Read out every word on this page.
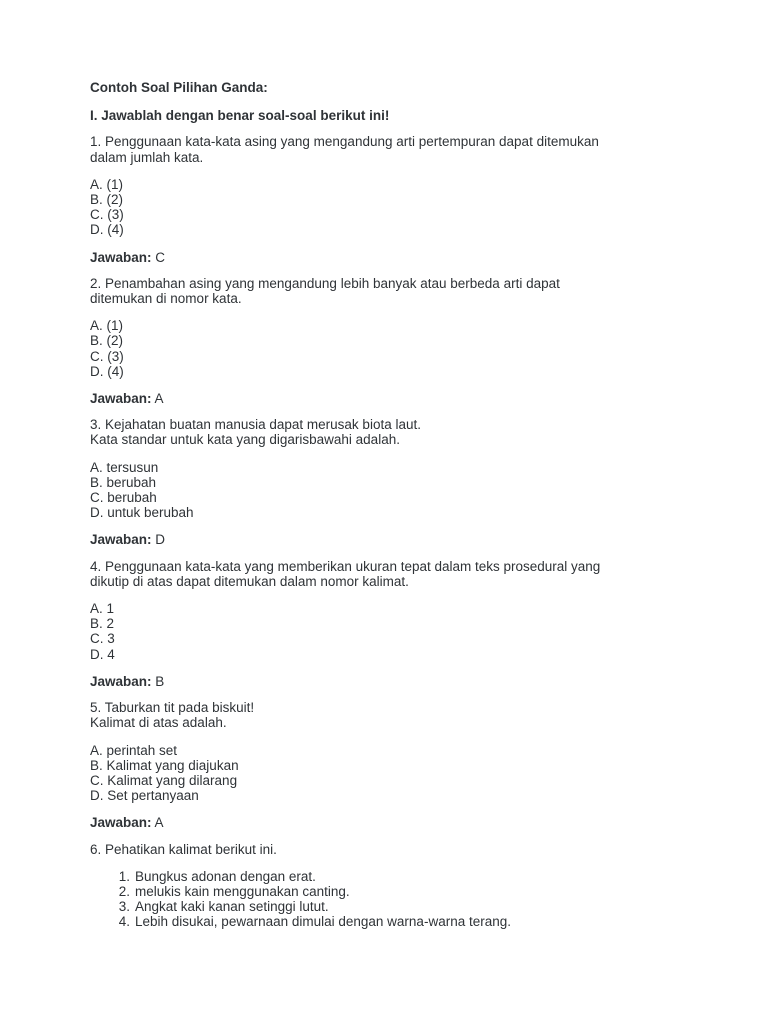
Contoh Soal Pilihan Ganda:

I. Jawablah dengan benar soal-soal berikut ini!

1. Penggunaan kata-kata asing yang mengandung arti pertempuran dapat ditemukan

dalam jumlah kata.

A. (1)
B. (2)
C. (3)
D. (4)
Jawaban: C

2. Penambahan asing yang mengandung lebih banyak atau berbeda arti dapat

ditemukan di nomor kata.

A. (1)
B. (2)
C. (3)
D. (4)
Jawaban: A

3. Kejahatan buatan manusia dapat merusak biota laut.

Kata standar untuk kata yang digarisbawahi adalah.

A. tersusun
B. berubah
C. berubah
D. untuk berubah
Jawaban: D

4. Penggunaan kata-kata yang memberikan ukuran tepat dalam teks prosedural yang

dikutip di atas dapat ditemukan dalam nomor kalimat.

A. 1
B. 2
C. 3
D. 4
Jawaban: B

5. Taburkan tit pada biskuit!

Kalimat di atas adalah.

A. perintah set
B. Kalimat yang diajukan
C. Kalimat yang dilarang
D. Set pertanyaan
Jawaban: A

6. Pehatikan kalimat berikut ini.

1. Bungkus adonan dengan erat.
2. melukis kain menggunakan canting.
3. Angkat kaki kanan setinggi lutut.
4. Lebih disukai, pewarnaan dimulai dengan warna-warna terang.
